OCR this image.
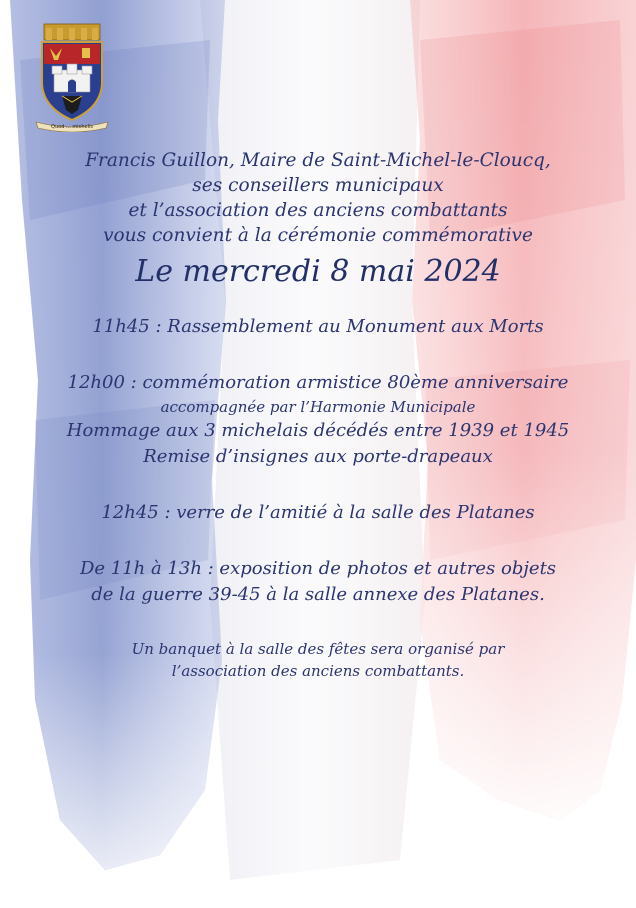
Quod ... michelis
Francis Guillon, Maire de Saint-Michel-le-Cloucq,
ses conseillers municipaux
et l’association des anciens combattants
vous convient à la cérémonie commémorative
Le mercredi 8 mai 2024
11h45 : Rassemblement au Monument aux Morts
12h00 : commémoration armistice 80ème anniversaire
accompagnée par l’Harmonie Municipale
Hommage aux 3 michelais décédés entre 1939 et 1945
Remise d’insignes aux porte-drapeaux
12h45 : verre de l’amitié à la salle des Platanes
De 11h à 13h : exposition de photos et autres objets
de la guerre 39-45 à la salle annexe des Platanes.
Un banquet à la salle des fêtes sera organisé par
l’association des anciens combattants.
